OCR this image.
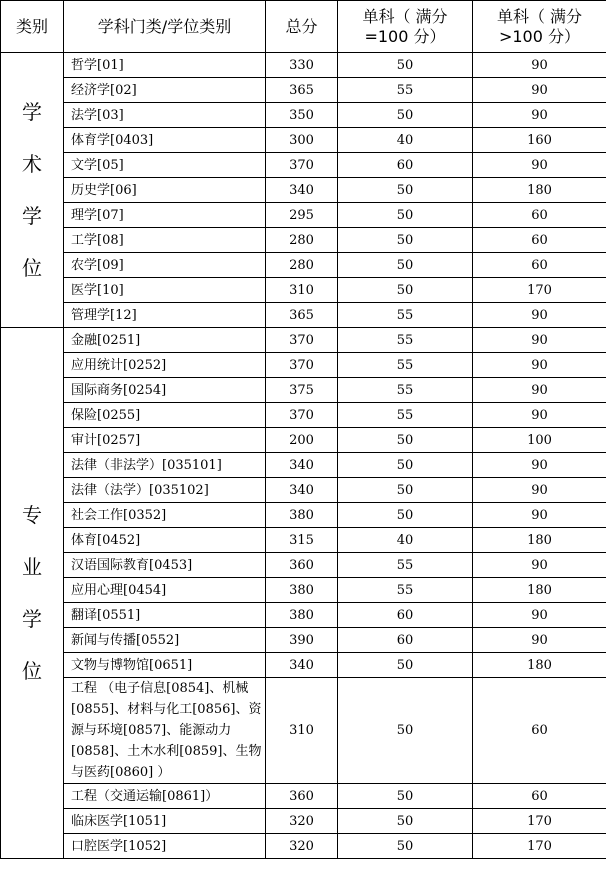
类别	学科门类/学位类别	总分	单科（ 满分=100 分）	单科（ 满分>100 分）

学术学位	哲学[01]	330	50	90
	经济学[02]	365	55	90
	法学[03]	350	50	90
	体育学[0403]	300	40	160
	文学[05]	370	60	90
	历史学[06]	340	50	180
	理学[07]	295	50	60
	工学[08]	280	50	60
	农学[09]	280	50	60
	医学[10]	310	50	170
	管理学[12]	365	55	90

专业学位	金融[0251]	370	55	90
	应用统计[0252]	370	55	90
	国际商务[0254]	375	55	90
	保险[0255]	370	55	90
	审计[0257]	200	50	100
	法律（非法学）[035101]	340	50	90
	法律（法学）[035102]	340	50	90
	社会工作[0352]	380	50	90
	体育[0452]	315	40	180
	汉语国际教育[0453]	360	55	90
	应用心理[0454]	380	55	180
	翻译[0551]	380	60	90
	新闻与传播[0552]	390	60	90
	文物与博物馆[0651]	340	50	180
	工程 （电子信息[0854]、机械[0855]、材料与化工[0856]、资源与环境[0857]、能源动力[0858]、土木水利[0859]、生物与医药[0860] ）	310	50	60
	工程（交通运输[0861]）	360	50	60
	临床医学[1051]	320	50	170
	口腔医学[1052]	320	50	170
